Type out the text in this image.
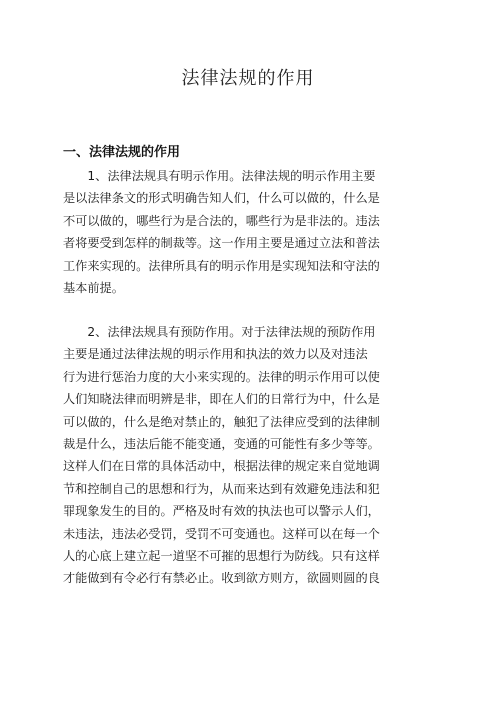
法律法规的作用
一、法律法规的作用
　　1、法律法规具有明示作用。法律法规的明示作用主要
是以法律条文的形式明确告知人们，什么可以做的，什么是
不可以做的，哪些行为是合法的，哪些行为是非法的。违法
者将要受到怎样的制裁等。这一作用主要是通过立法和普法
工作来实现的。法律所具有的明示作用是实现知法和守法的
基本前提。
　　2、法律法规具有预防作用。对于法律法规的预防作用
主要是通过法律法规的明示作用和执法的效力以及对违法
行为进行惩治力度的大小来实现的。法律的明示作用可以使
人们知晓法律而明辨是非，即在人们的日常行为中，什么是
可以做的，什么是绝对禁止的，触犯了法律应受到的法律制
裁是什么，违法后能不能变通，变通的可能性有多少等等。
这样人们在日常的具体活动中，根据法律的规定来自觉地调
节和控制自己的思想和行为，从而来达到有效避免违法和犯
罪现象发生的目的。严格及时有效的执法也可以警示人们，
未违法，违法必受罚，受罚不可变通也。这样可以在每一个
人的心底上建立起一道坚不可摧的思想行为防线。只有这样
才能做到有令必行有禁必止。收到欲方则方，欲圆则圆的良
